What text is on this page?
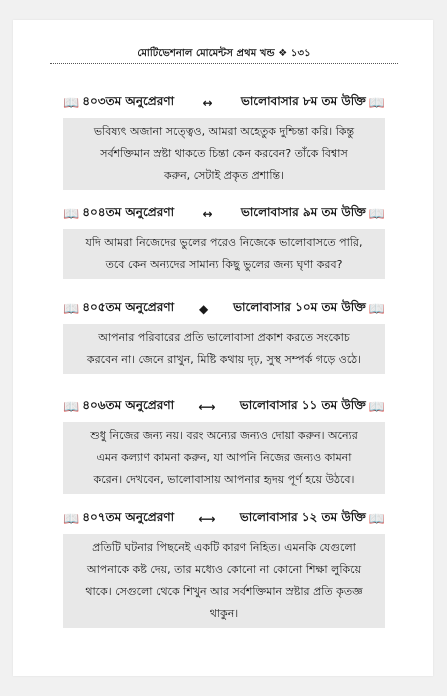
মোটিভেশনাল মোমেন্টস প্রথম খন্ড ❖ ১৩১
📖 ৪০৩তম অনুপ্রেরণা	↔	ভালোবাসার ৮ম তম উক্তি 📖
ভবিষ্যৎ অজানা সত্ত্বেও, আমরা অহেতুক দুশ্চিন্তা করি। কিন্তু
সর্বশক্তিমান স্রষ্টা থাকতে চিন্তা কেন করবেন? তাঁকে বিশ্বাস
করুন, সেটাই প্রকৃত প্রশান্তি।
📖 ৪০৪তম অনুপ্রেরণা	↔	ভালোবাসার ৯ম তম উক্তি 📖
যদি আমরা নিজেদের ভুলের পরেও নিজেকে ভালোবাসতে পারি,
তবে কেন অন্যদের সামান্য কিছু ভুলের জন্য ঘৃণা করব?
📖 ৪০৫তম অনুপ্রেরণা	◆	ভালোবাসার ১০ম তম উক্তি 📖
আপনার পরিবারের প্রতি ভালোবাসা প্রকাশ করতে সংকোচ
করবেন না। জেনে রাখুন, মিষ্টি কথায় দৃঢ়, সুস্থ সম্পর্ক গড়ে ওঠে।
📖 ৪০৬তম অনুপ্রেরণা	⟷	ভালোবাসার ১১ তম উক্তি 📖
শুধু নিজের জন্য নয়। বরং অন্যের জন্যও দোয়া করুন। অন্যের
এমন কল্যাণ কামনা করুন, যা আপনি নিজের জন্যও কামনা
করেন। দেখবেন, ভালোবাসায় আপনার হৃদয় পূর্ণ হয়ে উঠবে।
📖 ৪০৭তম অনুপ্রেরণা	⟷	ভালোবাসার ১২ তম উক্তি 📖
প্রতিটি ঘটনার পিছনেই একটি কারণ নিহিত। এমনকি যেগুলো
আপনাকে কষ্ট দেয়, তার মধ্যেও কোনো না কোনো শিক্ষা লুকিয়ে
থাকে। সেগুলো থেকে শিখুন আর সর্বশক্তিমান স্রষ্টার প্রতি কৃতজ্ঞ
থাকুন।
